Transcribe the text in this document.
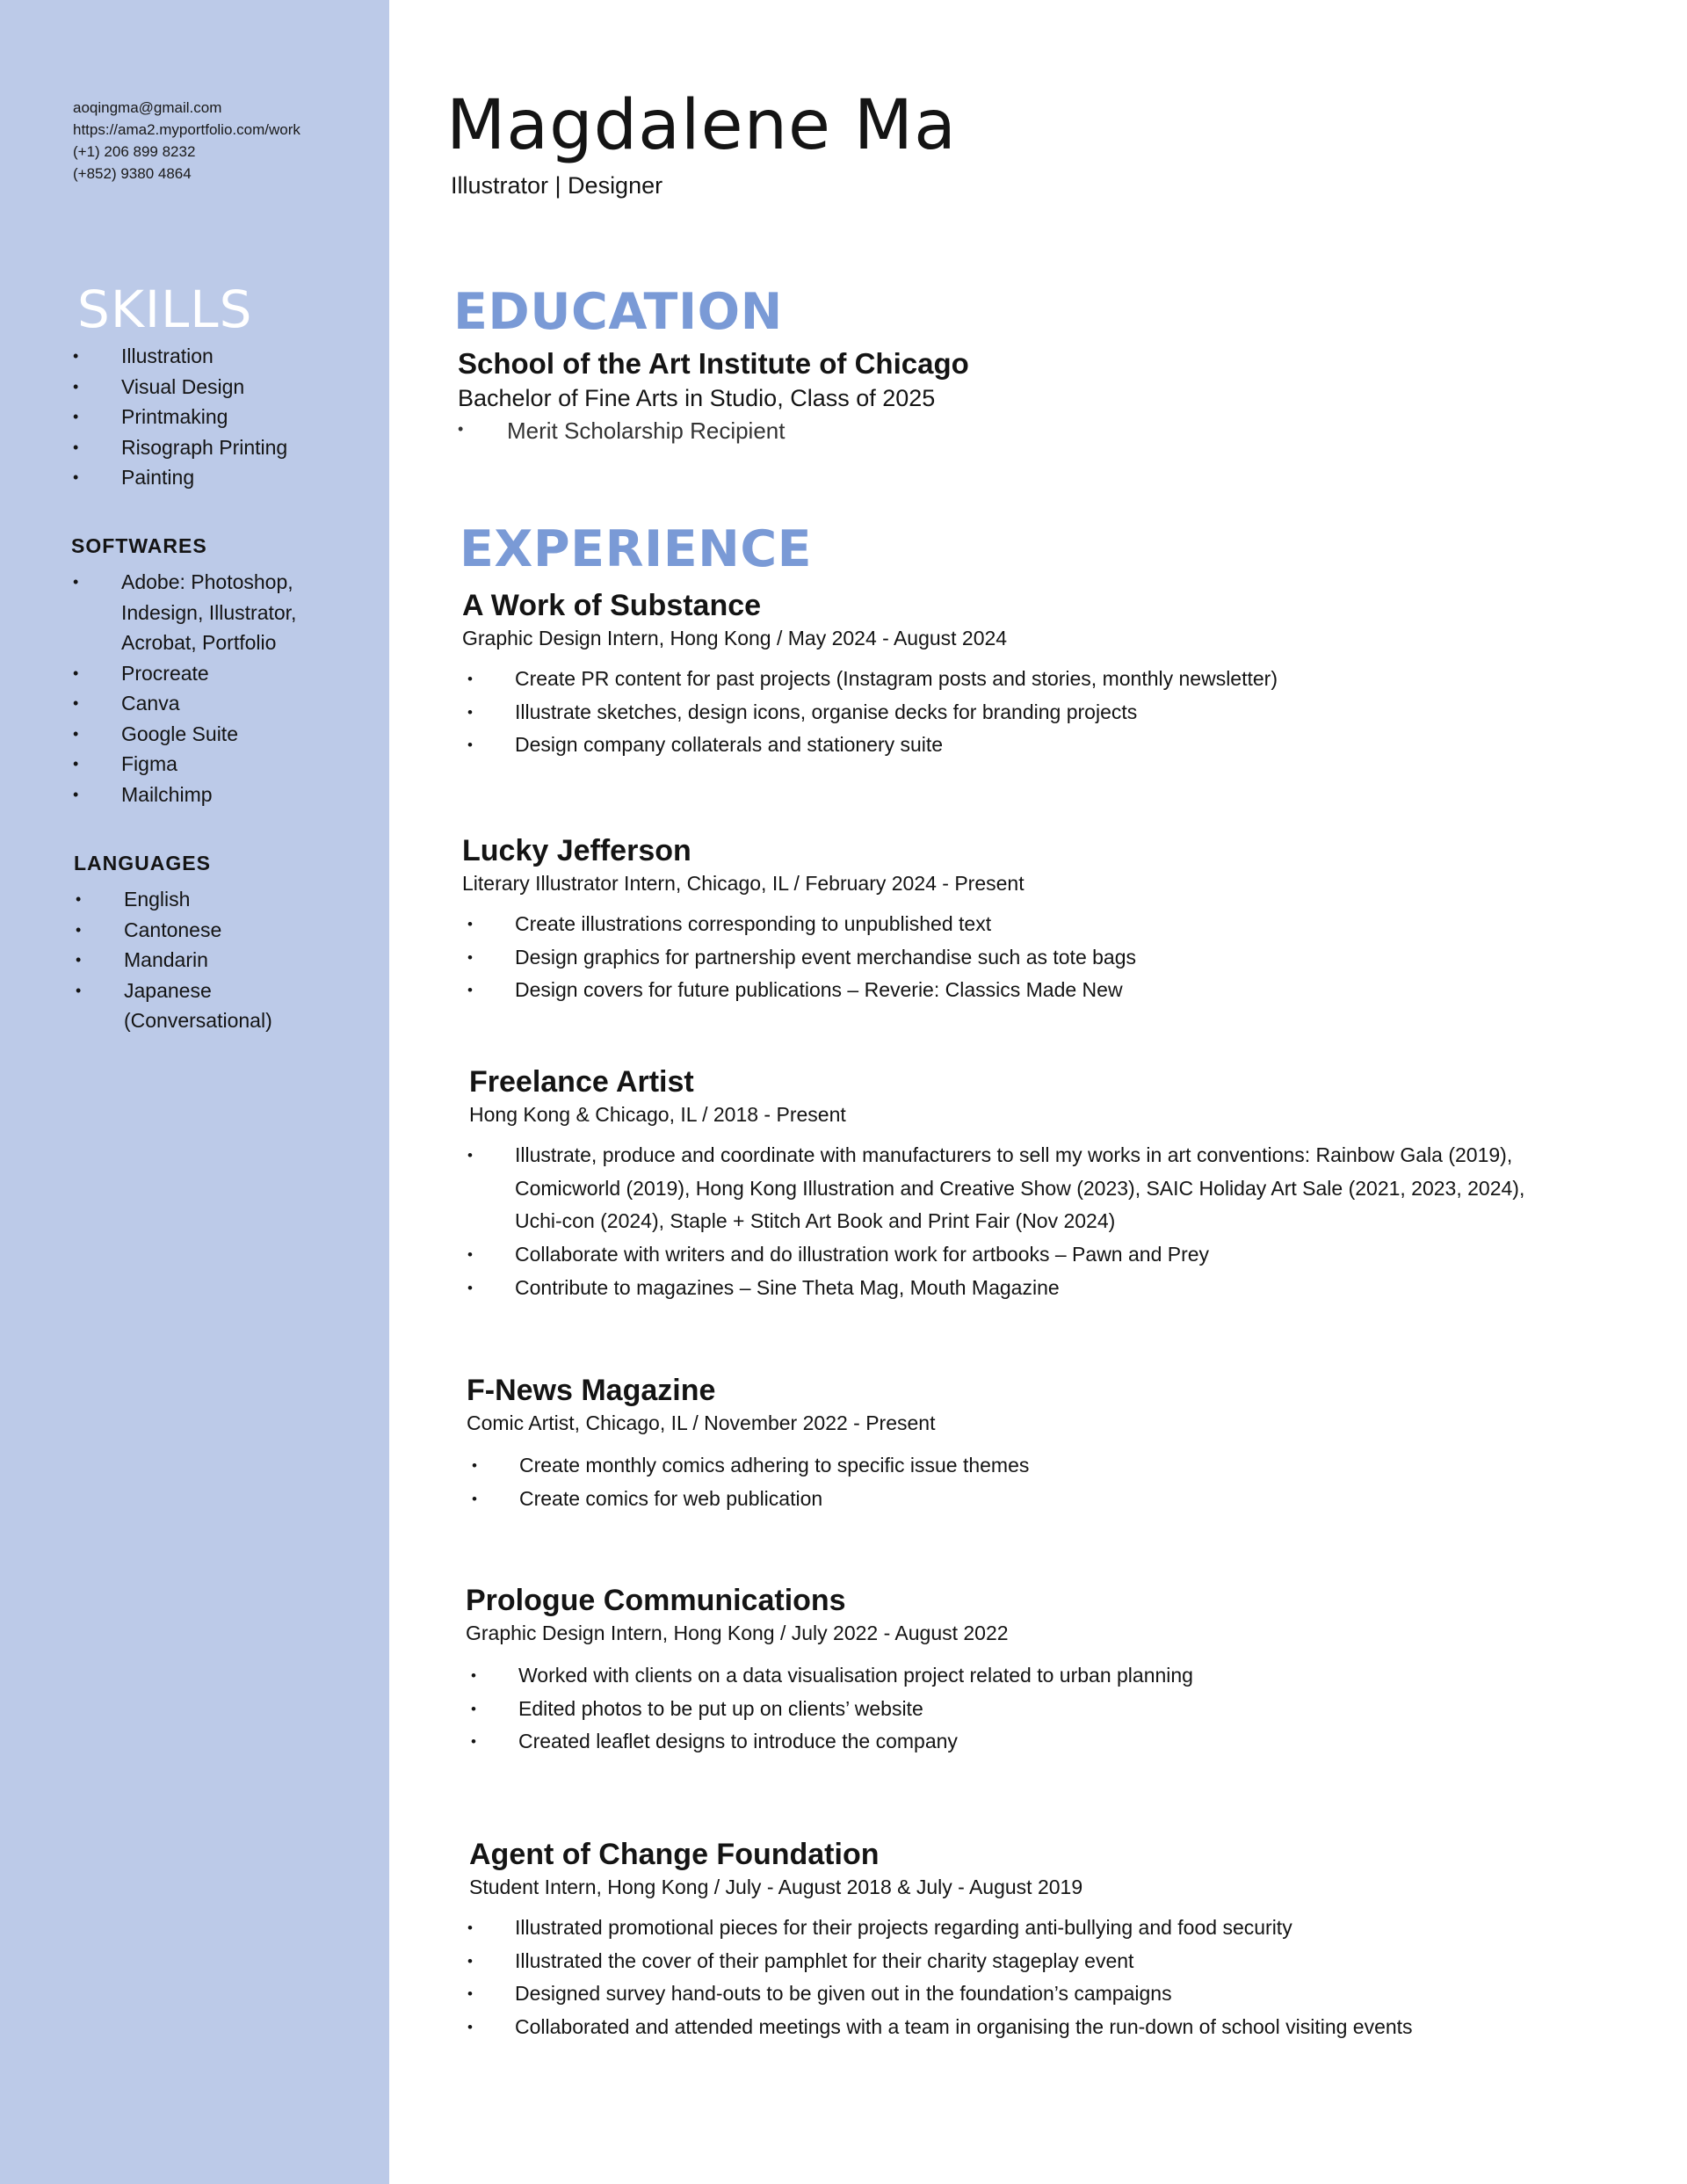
aoqingma@gmail.com
https://ama2.myportfolio.com/work
(+1) 206 899 8232
(+852) 9380 4864
SKILLS
• Illustration
• Visual Design
• Printmaking
• Risograph Printing
• Painting
SOFTWARES
• Adobe: Photoshop, Indesign, Illustrator, Acrobat, Portfolio
• Procreate
• Canva
• Google Suite
• Figma
• Mailchimp
LANGUAGES
• English
• Cantonese
• Mandarin
• Japanese (Conversational)
Magdalene Ma
Illustrator | Designer
EDUCATION
School of the Art Institute of Chicago
Bachelor of Fine Arts in Studio, Class of 2025
• Merit Scholarship Recipient
EXPERIENCE
A Work of Substance
Graphic Design Intern, Hong Kong / May 2024 - August 2024
• Create PR content for past projects (Instagram posts and stories, monthly newsletter)
• Illustrate sketches, design icons, organise decks for branding projects
• Design company collaterals and stationery suite
Lucky Jefferson
Literary Illustrator Intern, Chicago, IL / February 2024 - Present
• Create illustrations corresponding to unpublished text
• Design graphics for partnership event merchandise such as tote bags
• Design covers for future publications – Reverie: Classics Made New
Freelance Artist
Hong Kong & Chicago, IL / 2018 - Present
• Illustrate, produce and coordinate with manufacturers to sell my works in art conventions: Rainbow Gala (2019), Comicworld (2019), Hong Kong Illustration and Creative Show (2023), SAIC Holiday Art Sale (2021, 2023, 2024), Uchi-con (2024), Staple + Stitch Art Book and Print Fair (Nov 2024)
• Collaborate with writers and do illustration work for artbooks – Pawn and Prey
• Contribute to magazines – Sine Theta Mag, Mouth Magazine
F-News Magazine
Comic Artist, Chicago, IL / November 2022 - Present
• Create monthly comics adhering to specific issue themes
• Create comics for web publication
Prologue Communications
Graphic Design Intern, Hong Kong / July 2022 - August 2022
• Worked with clients on a data visualisation project related to urban planning
• Edited photos to be put up on clients’ website
• Created leaflet designs to introduce the company
Agent of Change Foundation
Student Intern, Hong Kong / July - August 2018 & July - August 2019
• Illustrated promotional pieces for their projects regarding anti-bullying and food security
• Illustrated the cover of their pamphlet for their charity stageplay event
• Designed survey hand-outs to be given out in the foundation’s campaigns
• Collaborated and attended meetings with a team in organising the run-down of school visiting events
